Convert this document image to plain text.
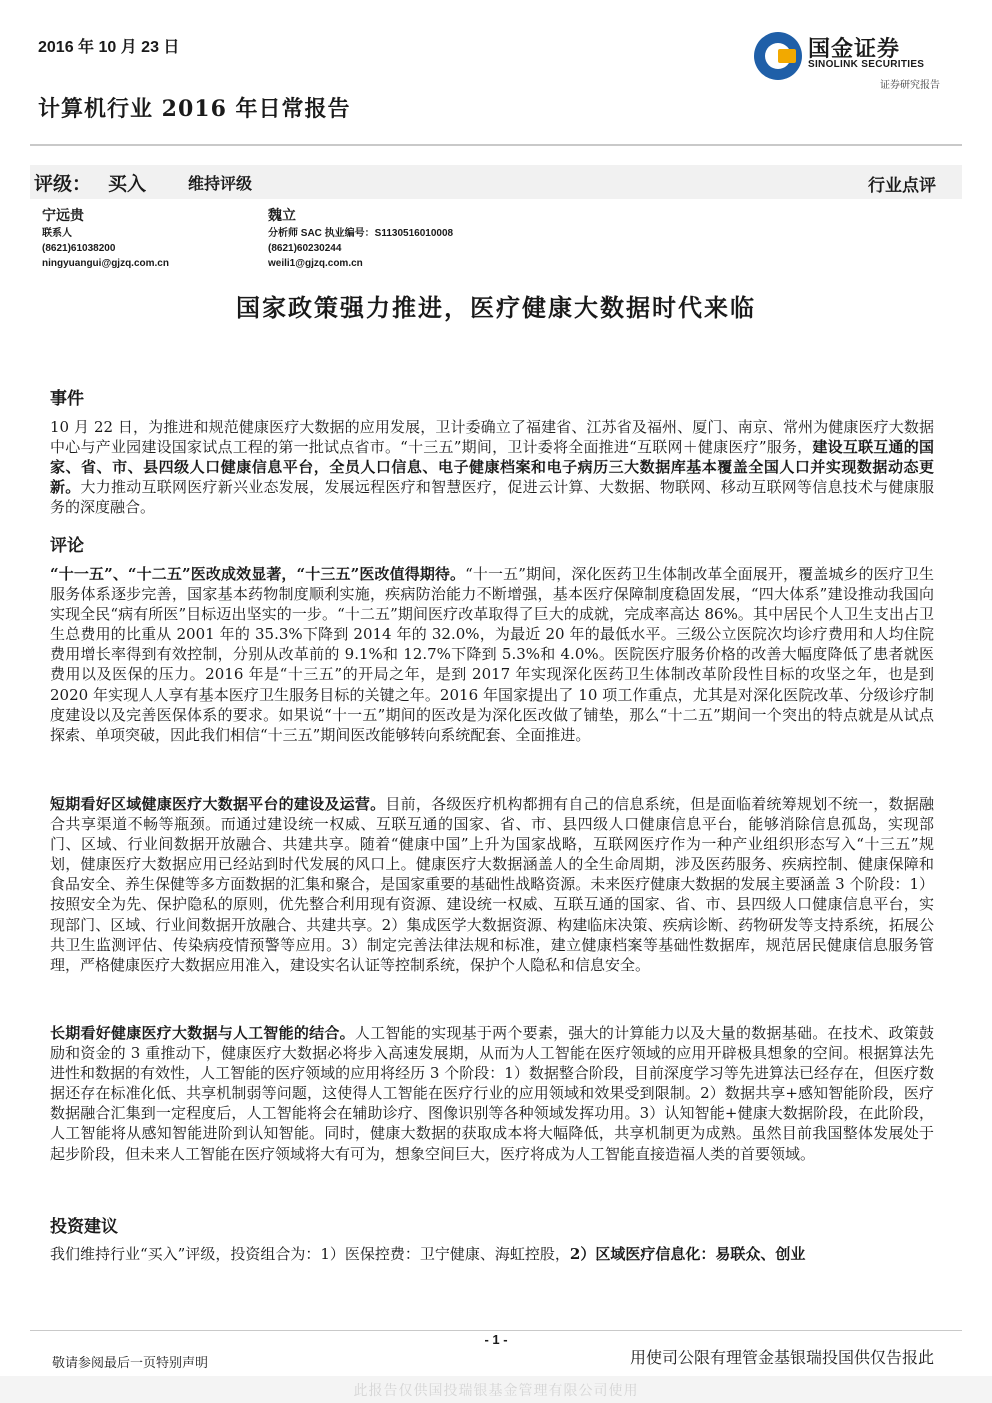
2016 年 10 月 23 日	国金证券
SINOLINK SECURITIES
证券研究报告
计算机行业 2016 年日常报告
评级： 买入	维持评级	行业点评
宁远贵
联系人
(8621)61038200
ningyuangui@gjzq.com.cn
魏立
分析师 SAC 执业编号：S1130516010008
(8621)60230244
weili1@gjzq.com.cn
国家政策强力推进，医疗健康大数据时代来临
事件
10 月 22 日，为推进和规范健康医疗大数据的应用发展，卫计委确立了福建省、江苏省及福州、厦门、南京、常州为健康医疗大数据中心与产业园建设国家试点工程的第一批试点省市。“十三五”期间，卫计委将全面推进“互联网＋健康医疗”服务，建设互联互通的国家、省、市、县四级人口健康信息平台，全员人口信息、电子健康档案和电子病历三大数据库基本覆盖全国人口并实现数据动态更新。大力推动互联网医疗新兴业态发展，发展远程医疗和智慧医疗，促进云计算、大数据、物联网、移动互联网等信息技术与健康服务的深度融合。
评论
“十一五”、“十二五”医改成效显著，“十三五”医改值得期待。“十一五”期间，深化医药卫生体制改革全面展开，覆盖城乡的医疗卫生服务体系逐步完善，国家基本药物制度顺利实施，疾病防治能力不断增强，基本医疗保障制度稳固发展，“四大体系”建设推动我国向实现全民“病有所医”目标迈出坚实的一步。“十二五”期间医疗改革取得了巨大的成就，完成率高达 86%。其中居民个人卫生支出占卫生总费用的比重从 2001 年的 35.3%下降到 2014 年的 32.0%，为最近 20 年的最低水平。三级公立医院次均诊疗费用和人均住院费用增长率得到有效控制，分别从改革前的 9.1%和 12.7%下降到 5.3%和 4.0%。医院医疗服务价格的改善大幅度降低了患者就医费用以及医保的压力。2016 年是“十三五”的开局之年，是到 2017 年实现深化医药卫生体制改革阶段性目标的攻坚之年，也是到 2020 年实现人人享有基本医疗卫生服务目标的关键之年。2016 年国家提出了 10 项工作重点，尤其是对深化医院改革、分级诊疗制度建设以及完善医保体系的要求。如果说“十一五”期间的医改是为深化医改做了铺垫，那么“十二五”期间一个突出的特点就是从试点探索、单项突破，因此我们相信“十三五”期间医改能够转向系统配套、全面推进。
短期看好区域健康医疗大数据平台的建设及运营。目前，各级医疗机构都拥有自己的信息系统，但是面临着统筹规划不统一，数据融合共享渠道不畅等瓶颈。而通过建设统一权威、互联互通的国家、省、市、县四级人口健康信息平台，能够消除信息孤岛，实现部门、区域、行业间数据开放融合、共建共享。随着“健康中国”上升为国家战略，互联网医疗作为一种产业组织形态写入“十三五”规划，健康医疗大数据应用已经站到时代发展的风口上。健康医疗大数据涵盖人的全生命周期，涉及医药服务、疾病控制、健康保障和食品安全、养生保健等多方面数据的汇集和聚合，是国家重要的基础性战略资源。未来医疗健康大数据的发展主要涵盖 3 个阶段：1）按照安全为先、保护隐私的原则，优先整合利用现有资源、建设统一权威、互联互通的国家、省、市、县四级人口健康信息平台，实现部门、区域、行业间数据开放融合、共建共享。2）集成医学大数据资源、构建临床决策、疾病诊断、药物研发等支持系统，拓展公共卫生监测评估、传染病疫情预警等应用。3）制定完善法律法规和标准，建立健康档案等基础性数据库，规范居民健康信息服务管理，严格健康医疗大数据应用准入，建设实名认证等控制系统，保护个人隐私和信息安全。
长期看好健康医疗大数据与人工智能的结合。人工智能的实现基于两个要素，强大的计算能力以及大量的数据基础。在技术、政策鼓励和资金的 3 重推动下，健康医疗大数据必将步入高速发展期，从而为人工智能在医疗领域的应用开辟极具想象的空间。根据算法先进性和数据的有效性，人工智能的医疗领域的应用将经历 3 个阶段：1）数据整合阶段，目前深度学习等先进算法已经存在，但医疗数据还存在标准化低、共享机制弱等问题，这使得人工智能在医疗行业的应用领域和效果受到限制。2）数据共享+感知智能阶段，医疗数据融合汇集到一定程度后，人工智能将会在辅助诊疗、图像识别等各种领域发挥功用。3）认知智能+健康大数据阶段，在此阶段，人工智能将从感知智能进阶到认知智能。同时，健康大数据的获取成本将大幅降低，共享机制更为成熟。虽然目前我国整体发展处于起步阶段，但未来人工智能在医疗领域将大有可为，想象空间巨大，医疗将成为人工智能直接造福人类的首要领域。
投资建议
我们维持行业“买入”评级，投资组合为：1）医保控费：卫宁健康、海虹控股，2）区域医疗信息化：易联众、创业
- 1 -
敬请参阅最后一页特别声明	用使司公限有理管金基银瑞投国供仅告报此
此报告仅供国投瑞银基金管理有限公司使用
